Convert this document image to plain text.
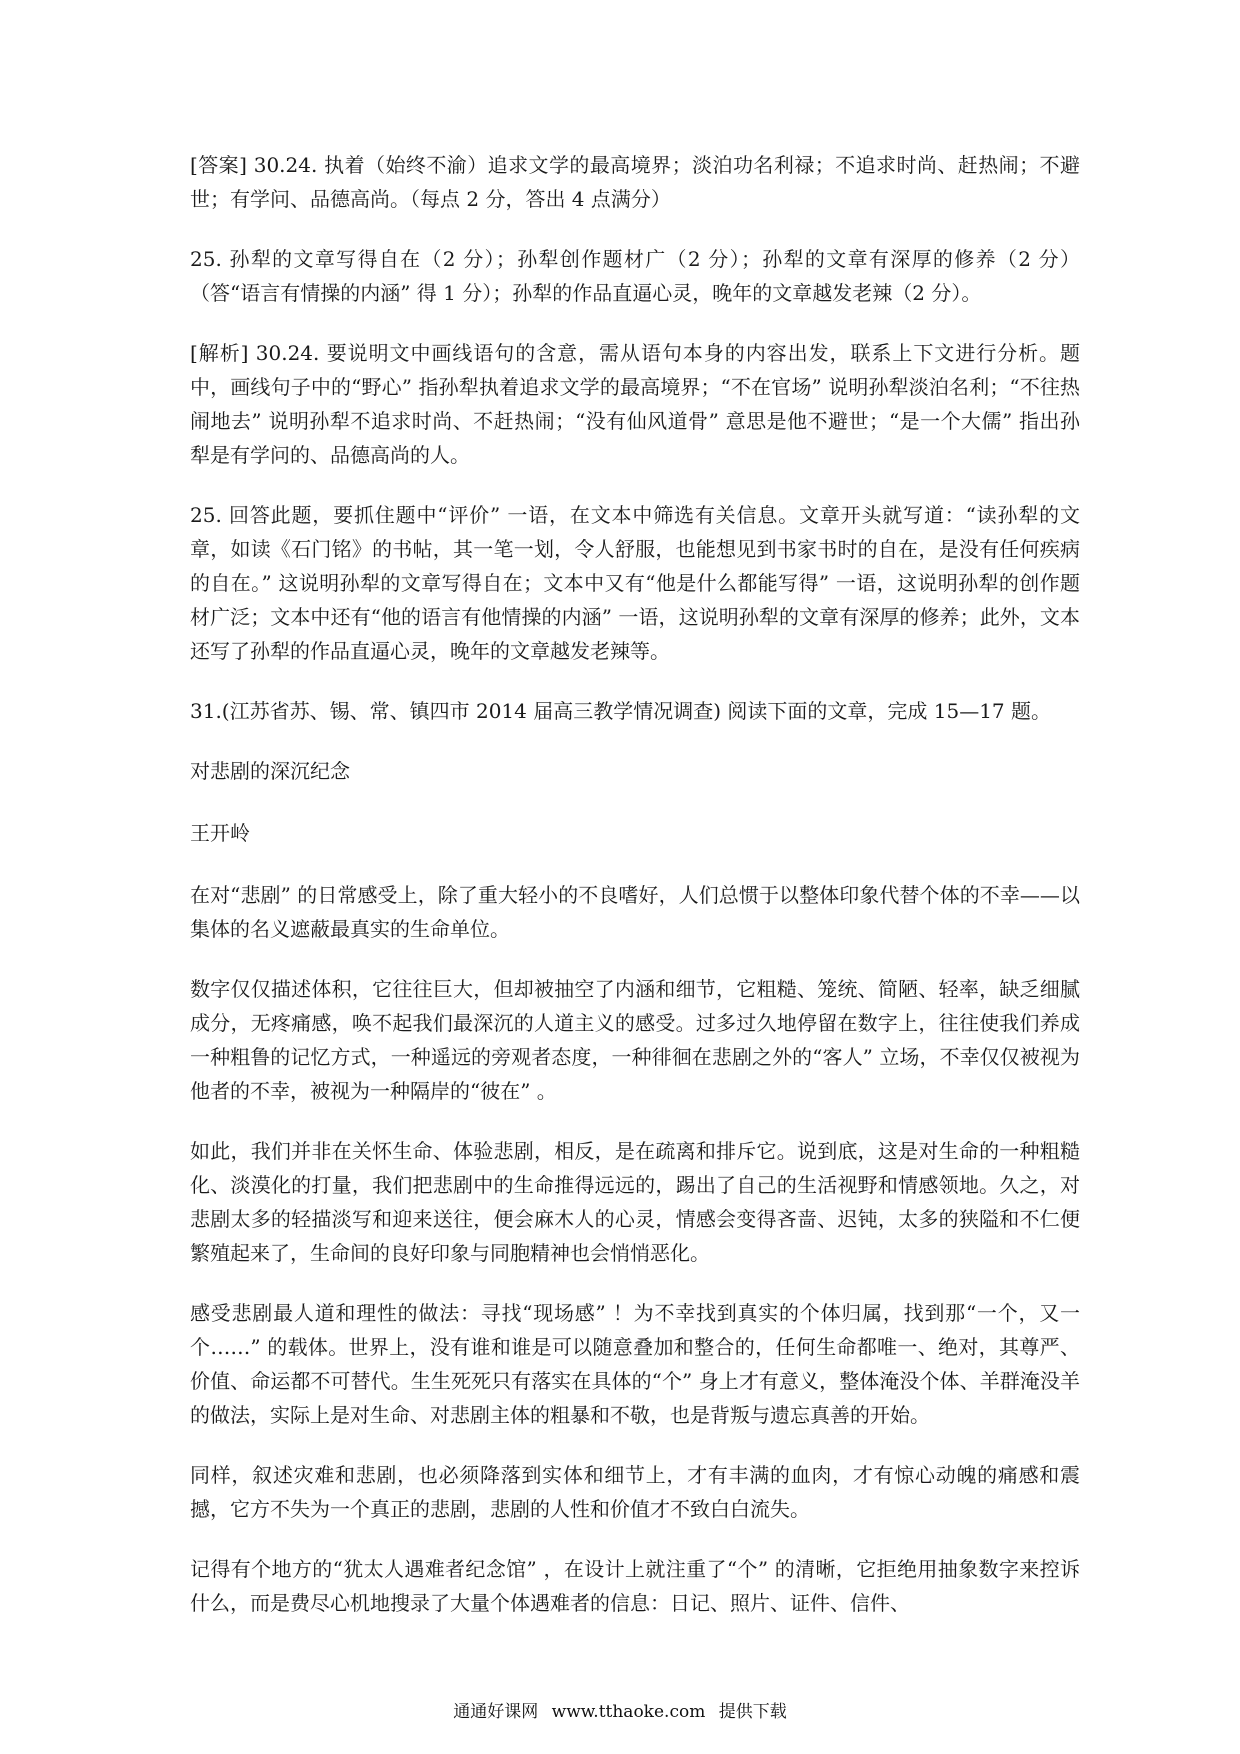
[答案] 30.24. 执着（始终不渝）追求文学的最高境界；淡泊功名利禄；不追求时尚、赶热闹；不避世；有学问、品德高尚。（每点 2 分，答出 4 点满分）

25. 孙犁的文章写得自在（2 分）；孙犁创作题材广（2 分）；孙犁的文章有深厚的修养（2 分）（答“语言有情操的内涵” 得 1 分）；孙犁的作品直逼心灵，晚年的文章越发老辣（2 分）。

[解析] 30.24. 要说明文中画线语句的含意，需从语句本身的内容出发，联系上下文进行分析。题中，画线句子中的“野心” 指孙犁执着追求文学的最高境界；“不在官场” 说明孙犁淡泊名利；“不往热闹地去” 说明孙犁不追求时尚、不赶热闹；“没有仙风道骨” 意思是他不避世；“是一个大儒” 指出孙犁是有学问的、品德高尚的人。

25. 回答此题，要抓住题中“评价” 一语，在文本中筛选有关信息。文章开头就写道：“读孙犁的文章，如读《石门铭》的书帖，其一笔一划，令人舒服，也能想见到书家书时的自在，是没有任何疾病的自在。” 这说明孙犁的文章写得自在；文本中又有“他是什么都能写得” 一语，这说明孙犁的创作题材广泛；文本中还有“他的语言有他情操的内涵” 一语，这说明孙犁的文章有深厚的修养；此外，文本还写了孙犁的作品直逼心灵，晚年的文章越发老辣等。

31.(江苏省苏、锡、常、镇四市 2014 届高三教学情况调查) 阅读下面的文章，完成 15—17 题。

对悲剧的深沉纪念

王开岭

在对“悲剧” 的日常感受上，除了重大轻小的不良嗜好，人们总惯于以整体印象代替个体的不幸——以集体的名义遮蔽最真实的生命单位。

数字仅仅描述体积，它往往巨大，但却被抽空了内涵和细节，它粗糙、笼统、简陋、轻率，缺乏细腻成分，无疼痛感，唤不起我们最深沉的人道主义的感受。过多过久地停留在数字上，往往使我们养成一种粗鲁的记忆方式，一种遥远的旁观者态度，一种徘徊在悲剧之外的“客人” 立场，不幸仅仅被视为他者的不幸，被视为一种隔岸的“彼在” 。

如此，我们并非在关怀生命、体验悲剧，相反，是在疏离和排斥它。说到底，这是对生命的一种粗糙化、淡漠化的打量，我们把悲剧中的生命推得远远的，踢出了自己的生活视野和情感领地。久之，对悲剧太多的轻描淡写和迎来送往，便会麻木人的心灵，情感会变得吝啬、迟钝，太多的狭隘和不仁便繁殖起来了，生命间的良好印象与同胞精神也会悄悄恶化。

感受悲剧最人道和理性的做法：寻找“现场感” ！为不幸找到真实的个体归属，找到那“一个，又一个……” 的载体。世界上，没有谁和谁是可以随意叠加和整合的，任何生命都唯一、绝对，其尊严、价值、命运都不可替代。生生死死只有落实在具体的“个” 身上才有意义，整体淹没个体、羊群淹没羊的做法，实际上是对生命、对悲剧主体的粗暴和不敬，也是背叛与遗忘真善的开始。

同样，叙述灾难和悲剧，也必须降落到实体和细节上，才有丰满的血肉，才有惊心动魄的痛感和震撼，它方不失为一个真正的悲剧，悲剧的人性和价值才不致白白流失。

记得有个地方的“犹太人遇难者纪念馆” ，在设计上就注重了“个” 的清晰，它拒绝用抽象数字来控诉什么，而是费尽心机地搜录了大量个体遇难者的信息：日记、照片、证件、信件、

通通好课网 www.tthaoke.com 提供下载
